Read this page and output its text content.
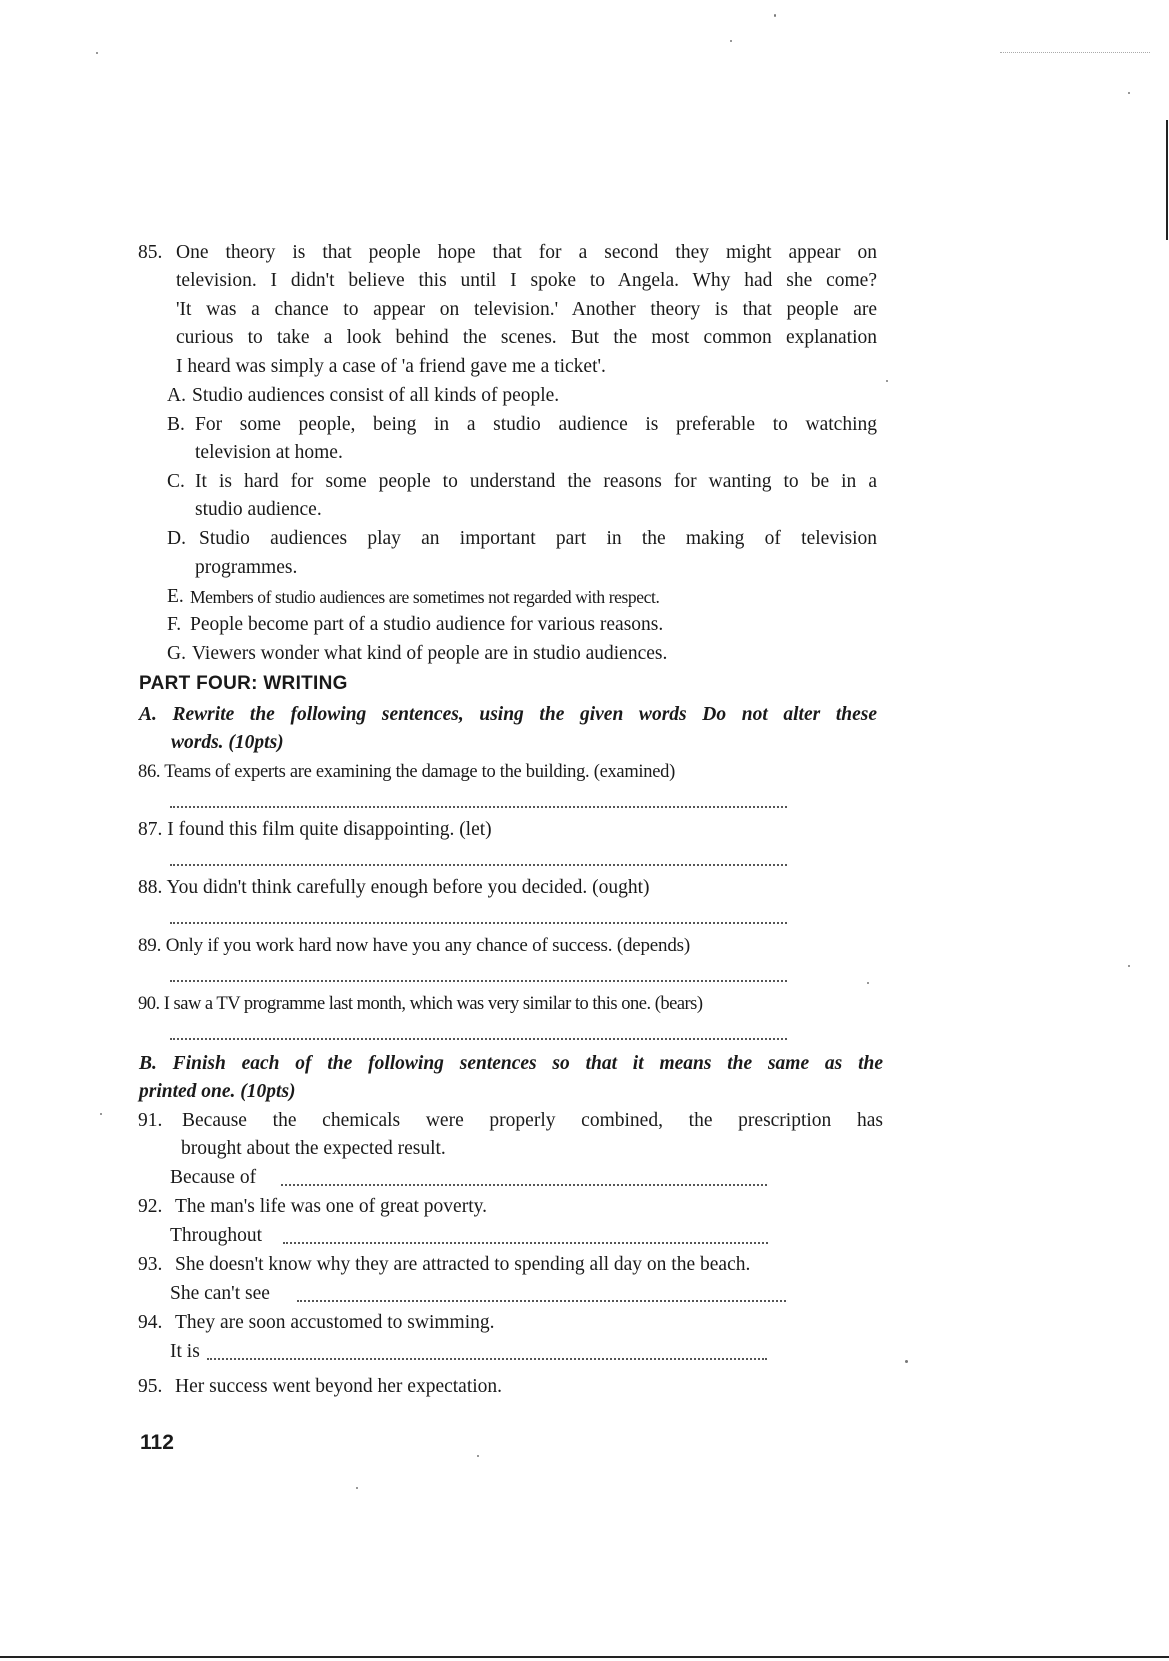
85. One theory is that people hope that for a second they might appear on
television. I didn't believe this until I spoke to Angela. Why had she come?
'It was a chance to appear on television.' Another theory is that people are
curious to take a look behind the scenes. But the most common explanation
I heard was simply a case of 'a friend gave me a ticket'.
A. Studio audiences consist of all kinds of people.
B. For some people, being in a studio audience is preferable to watching
television at home.
C. It is hard for some people to understand the reasons for wanting to be in a
studio audience.
D. Studio audiences play an important part in the making of television
programmes.
E. Members of studio audiences are sometimes not regarded with respect.
F. People become part of a studio audience for various reasons.
G. Viewers wonder what kind of people are in studio audiences.
PART FOUR: WRITING
A. Rewrite the following sentences, using the given words Do not alter these
words. (10pts)
86. Teams of experts are examining the damage to the building. (examined)
87. I found this film quite disappointing. (let)
88. You didn't think carefully enough before you decided. (ought)
89. Only if you work hard now have you any chance of success. (depends)
90. I saw a TV programme last month, which was very similar to this one. (bears)
B. Finish each of the following sentences so that it means the same as the
printed one. (10pts)
91. Because the chemicals were properly combined, the prescription has
brought about the expected result.
Because of
92. The man's life was one of great poverty.
Throughout
93. She doesn't know why they are attracted to spending all day on the beach.
She can't see
94. They are soon accustomed to swimming.
It is
95. Her success went beyond her expectation.
112
